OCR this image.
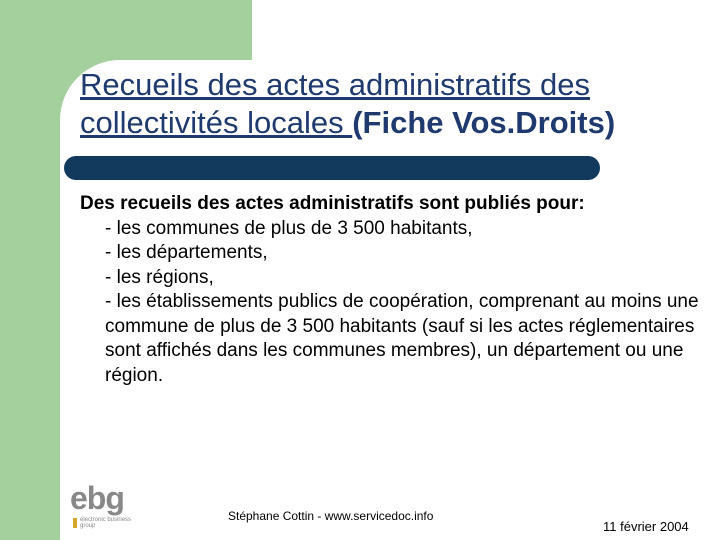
Recueils des actes administratifs des collectivités locales (Fiche Vos.Droits)

Des recueils des actes administratifs sont publiés pour:

- les communes de plus de 3 500 habitants,

- les départements,

- les régions,

- les établissements publics de coopération, comprenant au moins une commune de plus de 3 500 habitants (sauf si les actes réglementaires sont affichés dans les communes membres), un département ou une région.

ebg
électronic business group
Stéphane Cottin - www.servicedoc.info
11 février 2004
